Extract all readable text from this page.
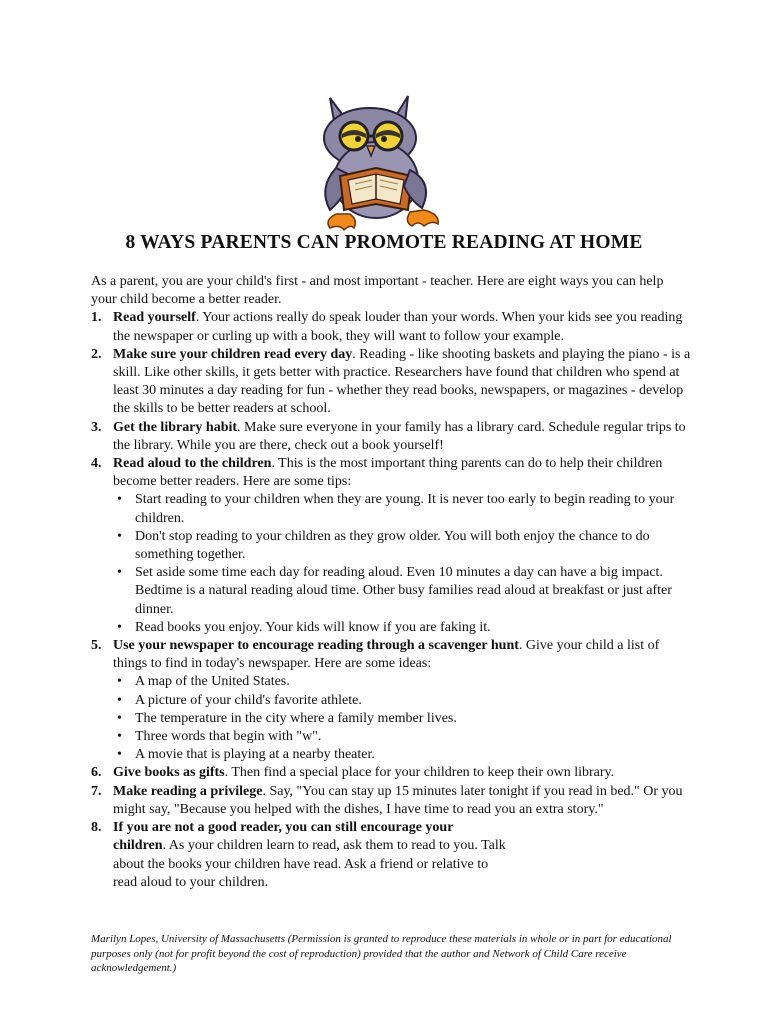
8 WAYS PARENTS CAN PROMOTE READING AT HOME

As a parent, you are your child's first - and most important - teacher. Here are eight ways you can help your child become a better reader.

1. Read yourself. Your actions really do speak louder than your words. When your kids see you reading the newspaper or curling up with a book, they will want to follow your example.
2. Make sure your children read every day. Reading - like shooting baskets and playing the piano - is a skill. Like other skills, it gets better with practice. Researchers have found that children who spend at least 30 minutes a day reading for fun - whether they read books, newspapers, or magazines - develop the skills to be better readers at school.
3. Get the library habit. Make sure everyone in your family has a library card. Schedule regular trips to the library. While you are there, check out a book yourself!
4. Read aloud to the children. This is the most important thing parents can do to help their children become better readers. Here are some tips:
• Start reading to your children when they are young. It is never too early to begin reading to your children.
• Don't stop reading to your children as they grow older. You will both enjoy the chance to do something together.
• Set aside some time each day for reading aloud. Even 10 minutes a day can have a big impact. Bedtime is a natural reading aloud time. Other busy families read aloud at breakfast or just after dinner.
• Read books you enjoy. Your kids will know if you are faking it.
5. Use your newspaper to encourage reading through a scavenger hunt. Give your child a list of things to find in today's newspaper. Here are some ideas:
• A map of the United States.
• A picture of your child's favorite athlete.
• The temperature in the city where a family member lives.
• Three words that begin with "w".
• A movie that is playing at a nearby theater.
6. Give books as gifts. Then find a special place for your children to keep their own library.
7. Make reading a privilege. Say, "You can stay up 15 minutes later tonight if you read in bed." Or you might say, "Because you helped with the dishes, I have time to read you an extra story."
8. If you are not a good reader, you can still encourage your children. As your children learn to read, ask them to read to you. Talk about the books your children have read. Ask a friend or relative to read aloud to your children.
Marilyn Lopes, University of Massachusetts (Permission is granted to reproduce these materials in whole or in part for educational purposes only (not for profit beyond the cost of reproduction) provided that the author and Network of Child Care receive acknowledgement.)
